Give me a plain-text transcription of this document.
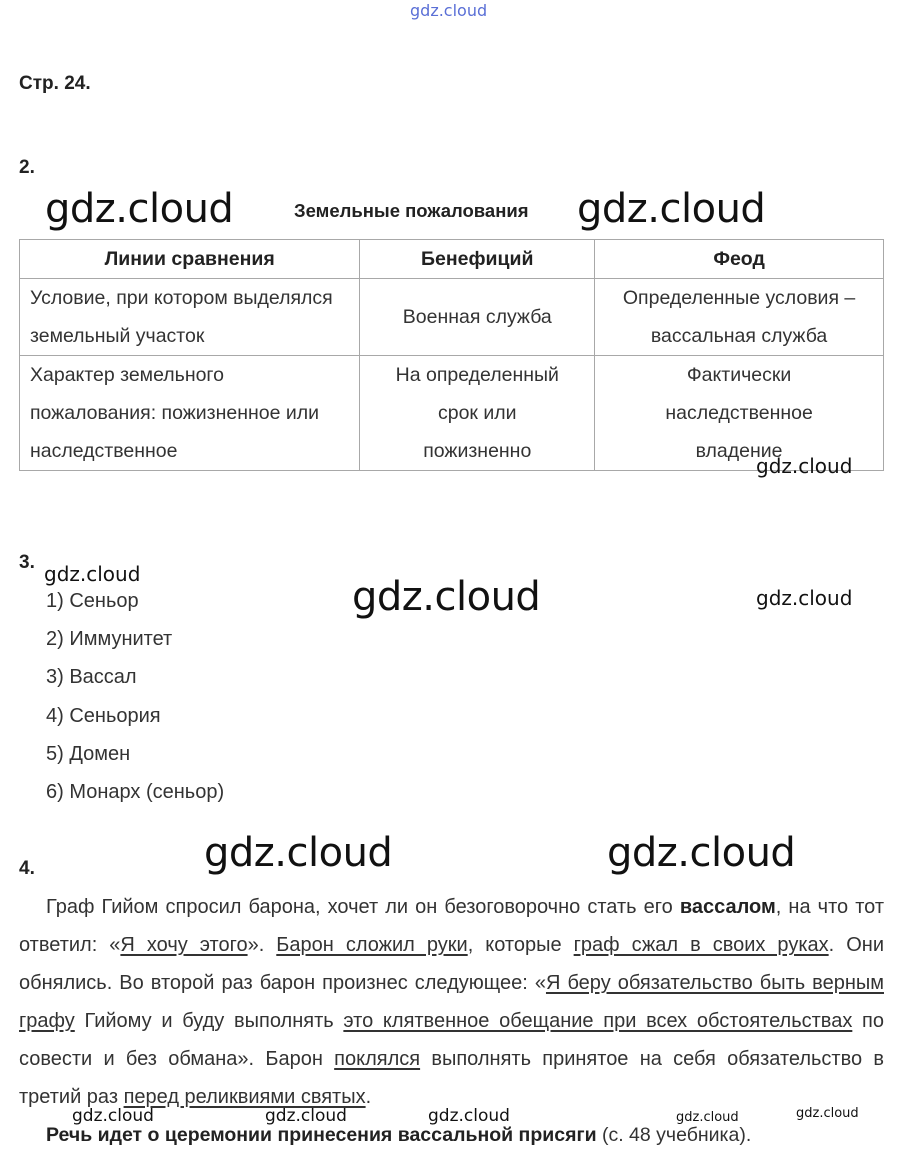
gdz.cloud
Стр. 24.
2.
gdz.cloud	Земельные пожалования gdz.cloud
Линии сравнения	Бенефиций	Феод
Условие, при котором выделялся земельный участок	Военная служба	Определенные условия – вассальная служба
Характер земельного пожалования: пожизненное или наследственное	На определенный срок или пожизненно	Фактически наследственное владение
gdz.cloud
3. gdz.cloud	gdz.cloud	gdz.cloud
1) Сеньор
2) Иммунитет
3) Вассал
4) Сеньория
5) Домен
6) Монарх (сеньор)
4.	gdz.cloud	gdz.cloud
Граф Гийом спросил барона, хочет ли он безоговорочно стать его вассалом, на что тот ответил: «Я хочу этого». Барон сложил руки, которые граф сжал в своих руках. Они обнялись. Во второй раз барон произнес следующее: «Я беру обязательство быть верным графу Гийому и буду выполнять это клятвенное обещание при всех обстоятельствах по совести и без обмана». Барон поклялся выполнять принятое на себя обязательство в третий раз перед реликвиями святых.
gdz.cloud	gdz.cloud	gdz.cloud	gdz.cloud	gdz.cloud
Речь идет о церемонии принесения вассальной присяги (с. 48 учебника).
